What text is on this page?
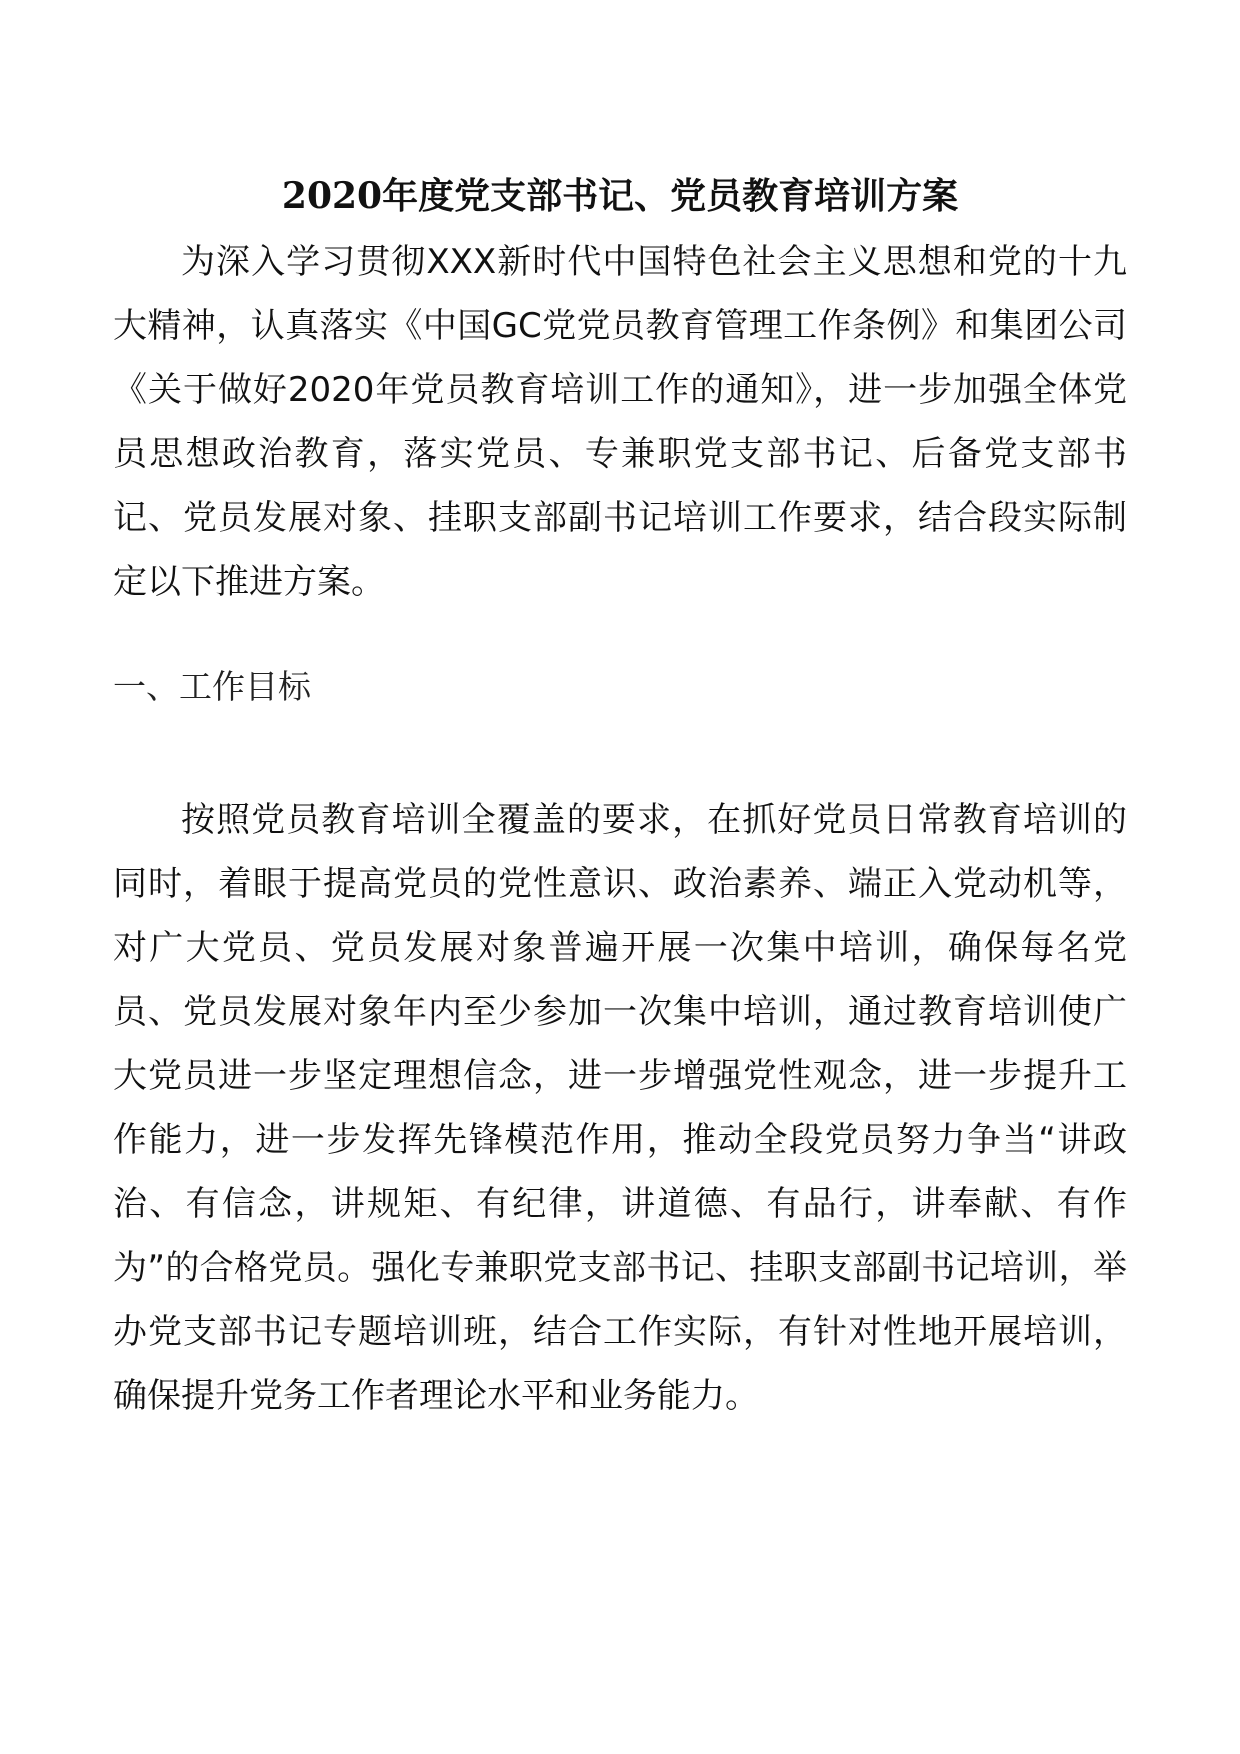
2020年度党支部书记、党员教育培训方案

为深入学习贯彻XXX新时代中国特色社会主义思想和党的十九大精神，认真落实《中国GC党党员教育管理工作条例》和集团公司《关于做好2020年党员教育培训工作的通知》，进一步加强全体党员思想政治教育，落实党员、专兼职党支部书记、后备党支部书记、党员发展对象、挂职支部副书记培训工作要求，结合段实际制定以下推进方案。

一、工作目标

按照党员教育培训全覆盖的要求，在抓好党员日常教育培训的同时，着眼于提高党员的党性意识、政治素养、端正入党动机等，对广大党员、党员发展对象普遍开展一次集中培训，确保每名党员、党员发展对象年内至少参加一次集中培训，通过教育培训使广大党员进一步坚定理想信念，进一步增强党性观念，进一步提升工作能力，进一步发挥先锋模范作用，推动全段党员努力争当“讲政治、有信念，讲规矩、有纪律，讲道德、有品行，讲奉献、有作为”的合格党员。强化专兼职党支部书记、挂职支部副书记培训，举办党支部书记专题培训班，结合工作实际，有针对性地开展培训，确保提升党务工作者理论水平和业务能力。
